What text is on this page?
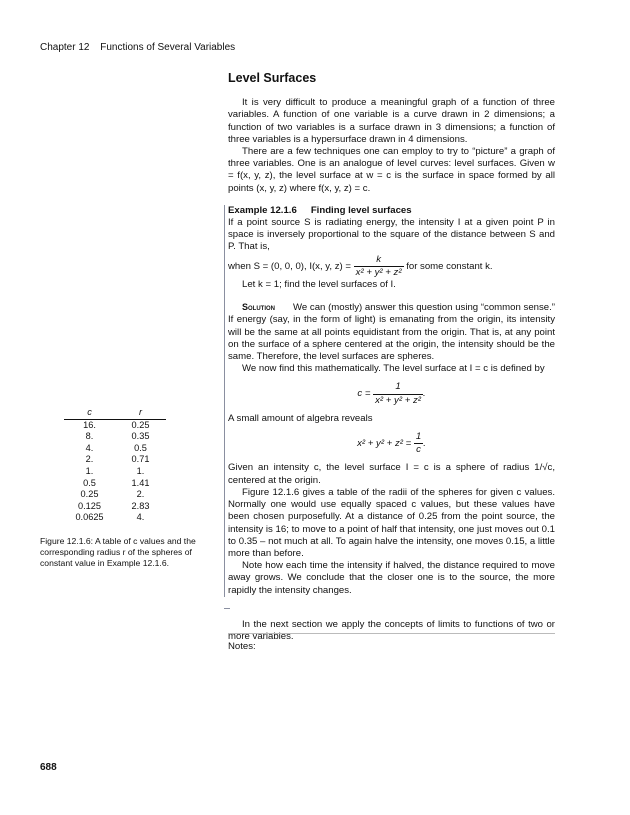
Chapter 12 Functions of Several Variables
Level Surfaces

It is very difficult to produce a meaningful graph of a function of three variables. A function of one variable is a curve drawn in 2 dimensions; a function of two variables is a surface drawn in 3 dimensions; a function of three variables is a hypersurface drawn in 4 dimensions.

There are a few techniques one can employ to try to “picture” a graph of three variables. One is an analogue of level curves: level surfaces. Given w = f(x, y, z), the level surface at w = c is the surface in space formed by all points (x, y, z) where f(x, y, z) = c.

Example 12.1.6 Finding level surfaces

If a point source S is radiating energy, the intensity I at a given point P in space is inversely proportional to the square of the distance between S and P. That is,

when S = (0, 0, 0), I(x, y, $z) = \frac{k}{\text{x² + y² + z²}}$ for some constant k.

Let k = 1; find the level surfaces of I.

Solution We can (mostly) answer this question using “common sense.” If energy (say, in the form of light) is emanating from the origin, its intensity will be the same at all points equidistant from the origin. That is, at any point on the surface of a sphere centered at the origin, the intensity should be the same. Therefore, the level surfaces are spheres.

We now find this mathematically. The level surface at I = c is defined by

$c = \frac{1}{\text{x² + y² + z²}}$ .

A small amount of algebra reveals

$x^2 + y^2 + z^2 = \frac{1}{c}$ .

Given an intensity c, the level surface I = c is a sphere of radius 1/√c, centered at the origin.

Figure 12.1.6 gives a table of the radii of the spheres for given c values. Normally one would use equally spaced c values, but these values have been chosen purposefully. At a distance of 0.25 from the point source, the intensity is 16; to move to a point of half that intensity, one just moves out 0.1 to 0.35 – not much at all. To again halve the intensity, one moves 0.15, a little more than before.

Note how each time the intensity if halved, the distance required to move away grows. We conclude that the closer one is to the source, the more rapidly the intensity changes.

In the next section we apply the concepts of limits to functions of two or more variables.

Notes:
c	r
16.	0.25
8.	0.35
4.	0.5
2.	0.71
1.	1.
0.5	1.41
0.25	2.
0.125	2.83
0.0625	4.
Figure 12.1.6: A table of c values and the corresponding radius r of the spheres of constant value in Example 12.1.6.
688
